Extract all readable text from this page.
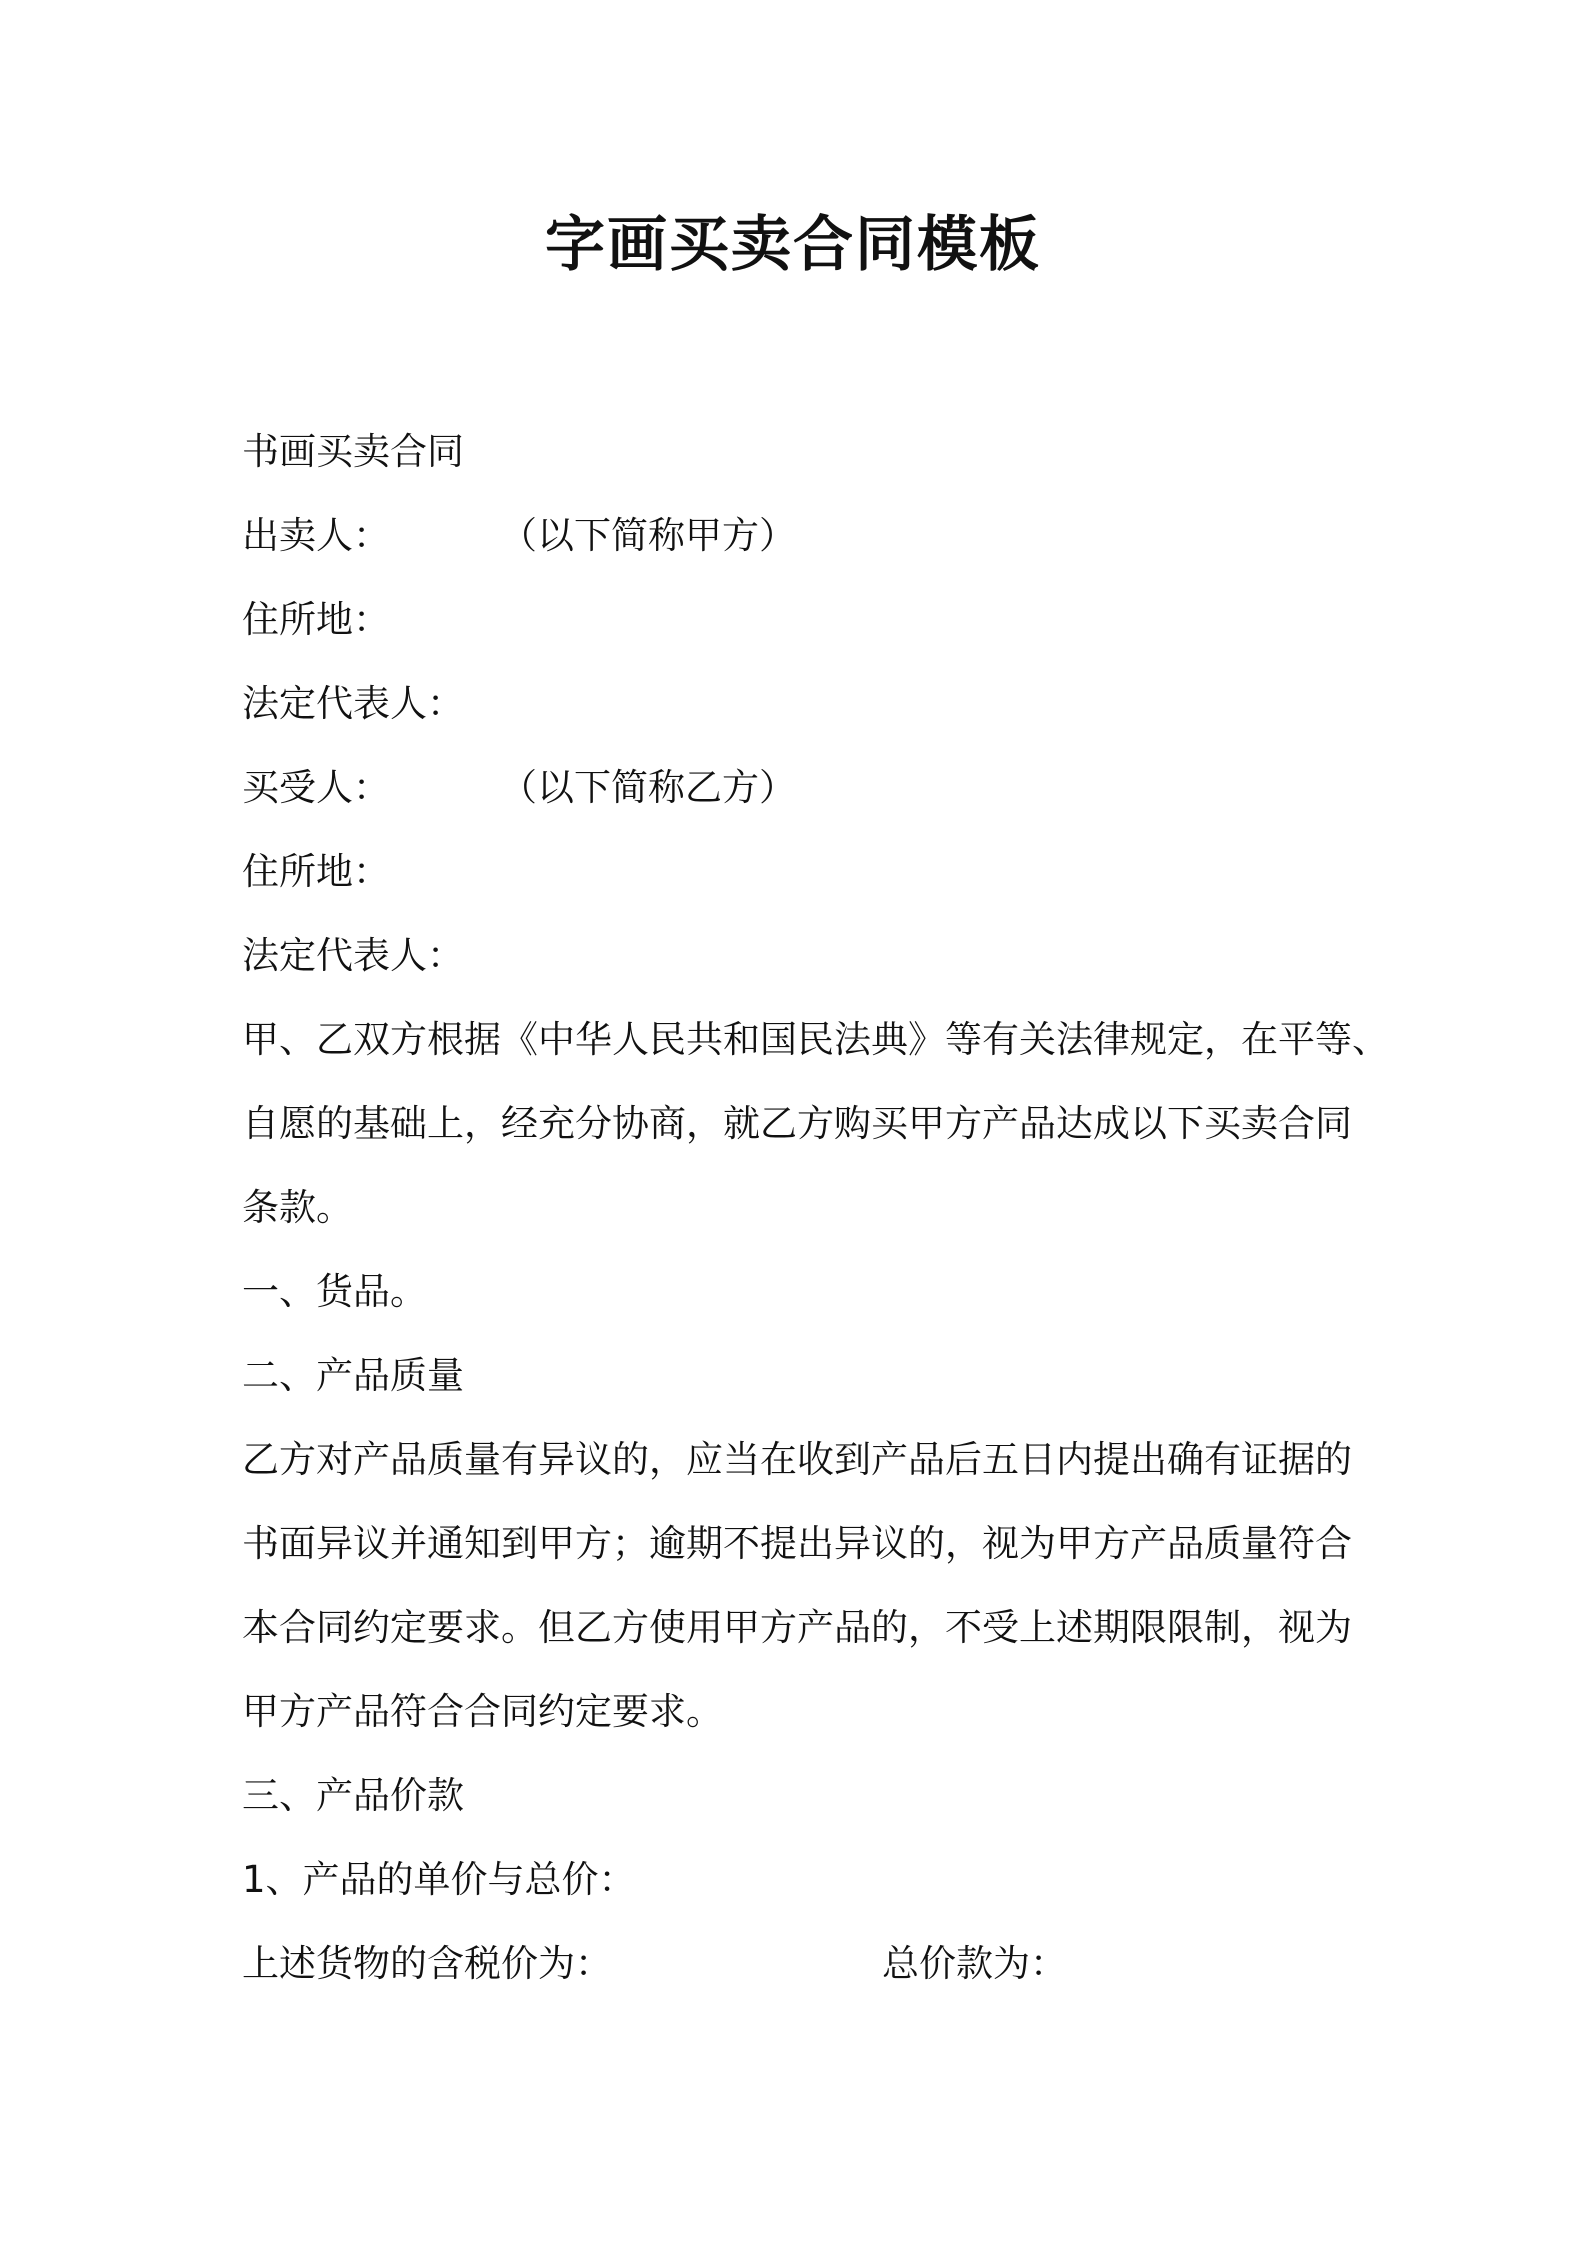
字画买卖合同模板
书画买卖合同
出卖人：	（以下简称甲方）
住所地：
法定代表人：
买受人：	（以下简称乙方）
住所地：
法定代表人：
甲、乙双方根据《中华人民共和国民法典》等有关法律规定，在平等、
自愿的基础上，经充分协商，就乙方购买甲方产品达成以下买卖合同
条款。
一、货品。
二、产品质量
乙方对产品质量有异议的，应当在收到产品后五日内提出确有证据的
书面异议并通知到甲方；逾期不提出异议的，视为甲方产品质量符合
本合同约定要求。但乙方使用甲方产品的，不受上述期限限制，视为
甲方产品符合合同约定要求。
三、产品价款
1、产品的单价与总价：
上述货物的含税价为：	总价款为：
